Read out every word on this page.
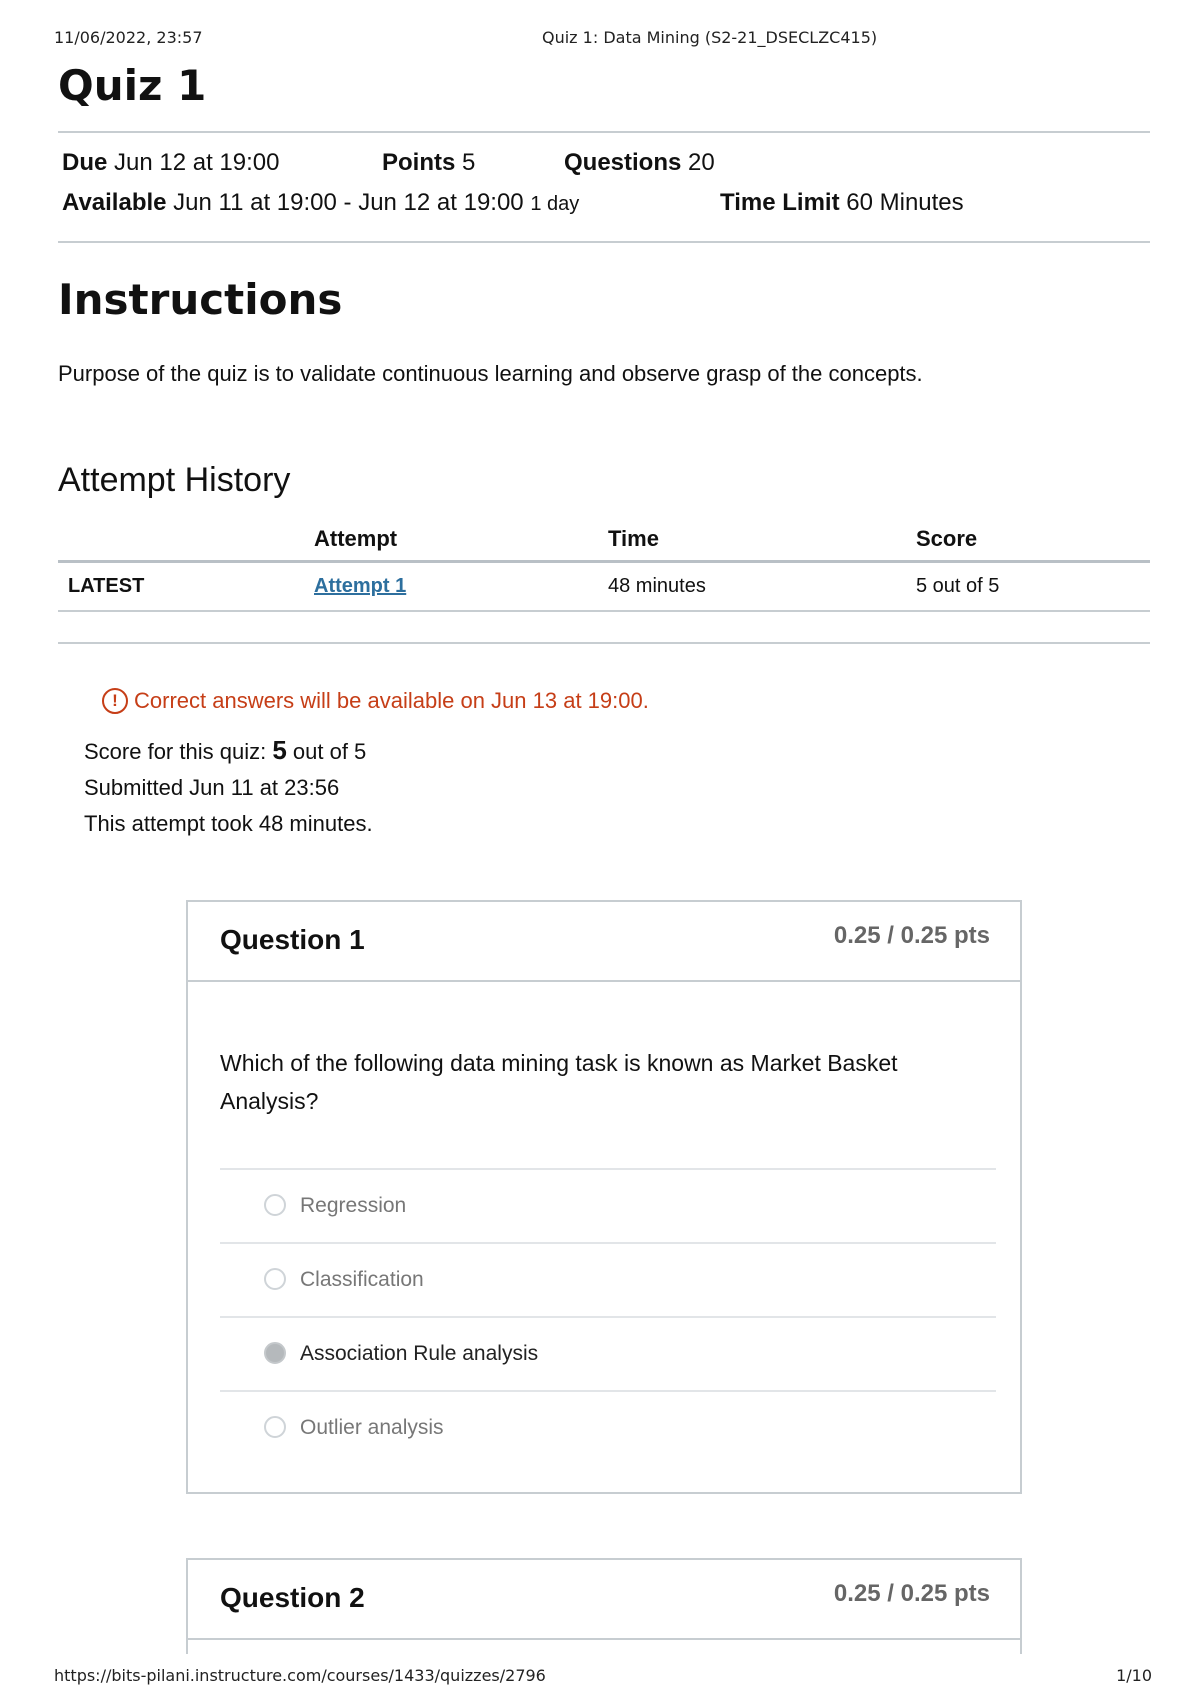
11/06/2022, 23:57	Quiz 1: Data Mining (S2-21_DSECLZC415)
Quiz 1
Due Jun 12 at 19:00	Points 5	Questions 20
Available Jun 11 at 19:00 - Jun 12 at 19:00 1 day	Time Limit 60 Minutes
Instructions
Purpose of the quiz is to validate continuous learning and observe grasp of the concepts.
Attempt History
	Attempt	Time	Score
LATEST	Attempt 1	48 minutes	5 out of 5
! Correct answers will be available on Jun 13 at 19:00.
Score for this quiz: 5 out of 5
Submitted Jun 11 at 23:56
This attempt took 48 minutes.
Question 1	0.25 / 0.25 pts
Which of the following data mining task is known as Market Basket Analysis?
Regression
Classification
Association Rule analysis
Outlier analysis
Question 2	0.25 / 0.25 pts
https://bits-pilani.instructure.com/courses/1433/quizzes/2796	1/10
